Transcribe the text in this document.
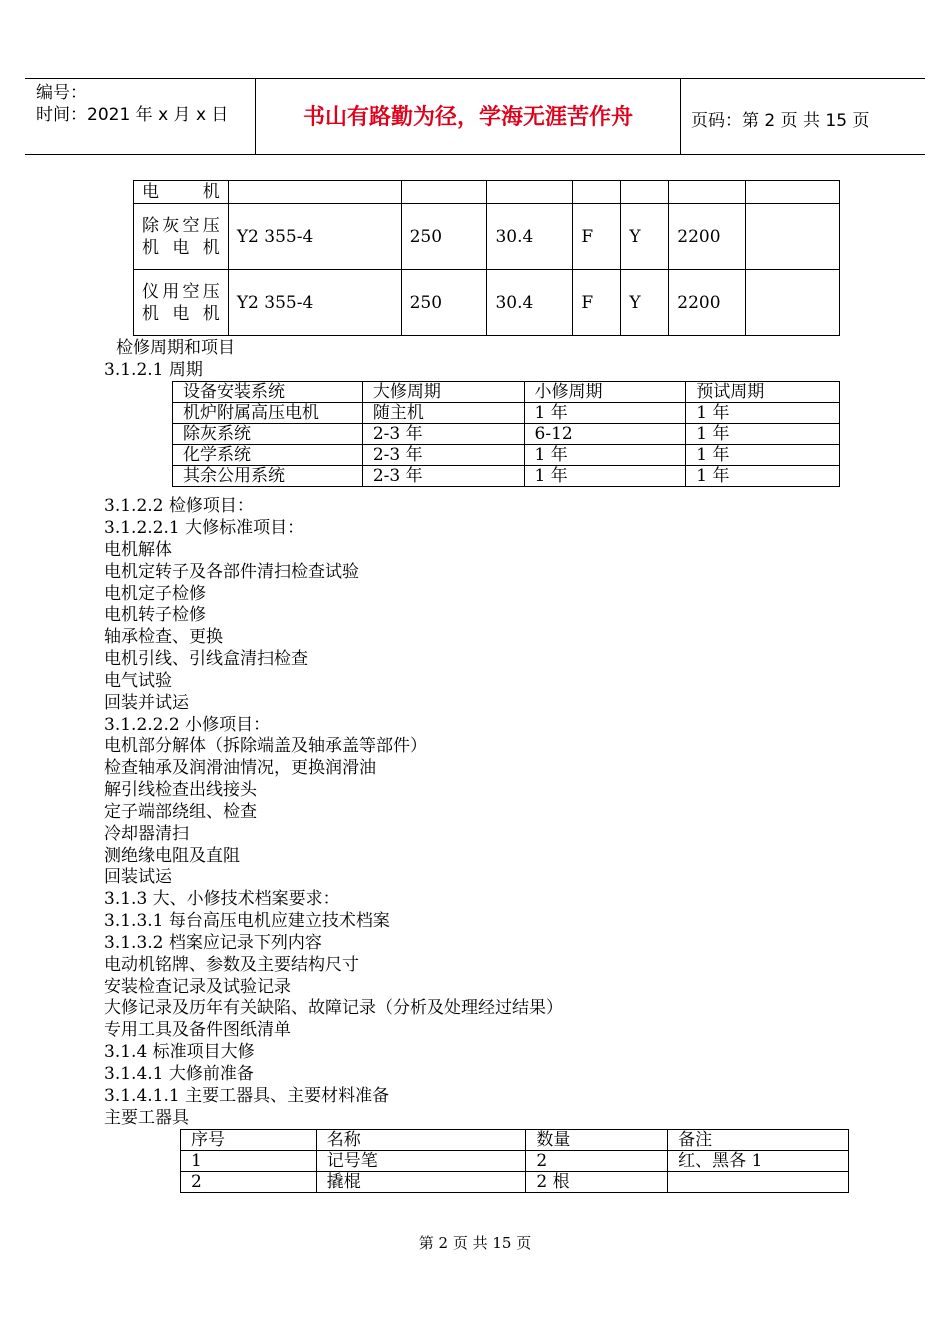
编号：
时间：2021 年 x 月 x 日	书山有路勤为径，学海无涯苦作舟	页码：第 2 页 共 15 页
电机							
除灰空压机电机	Y2 355-4	250	30.4	F	Y	2200	
仪用空压机电机	Y2 355-4	250	30.4	F	Y	2200	
检修周期和项目
3.1.2.1 周期
设备安装系统	大修周期	小修周期	预试周期
机炉附属高压电机	随主机	1 年	1 年
除灰系统	2-3 年	6-12	1 年
化学系统	2-3 年	1 年	1 年
其余公用系统	2-3 年	1 年	1 年
3.1.2.2 检修项目：
3.1.2.2.1 大修标准项目：
电机解体
电机定转子及各部件清扫检查试验
电机定子检修
电机转子检修
轴承检查、更换
电机引线、引线盒清扫检查
电气试验
回装并试运
3.1.2.2.2 小修项目：
电机部分解体（拆除端盖及轴承盖等部件）
检查轴承及润滑油情况，更换润滑油
解引线检查出线接头
定子端部绕组、检查
冷却器清扫
测绝缘电阻及直阻
回装试运
3.1.3 大、小修技术档案要求：
3.1.3.1 每台高压电机应建立技术档案
3.1.3.2 档案应记录下列内容
电动机铭牌、参数及主要结构尺寸
安装检查记录及试验记录
大修记录及历年有关缺陷、故障记录（分析及处理经过结果）
专用工具及备件图纸清单
3.1.4 标准项目大修
3.1.4.1 大修前准备
3.1.4.1.1 主要工器具、主要材料准备
主要工器具
序号	名称	数量	备注
1	记号笔	2	红、黑各 1
2	撬棍	2 根	
第 2 页 共 15 页
